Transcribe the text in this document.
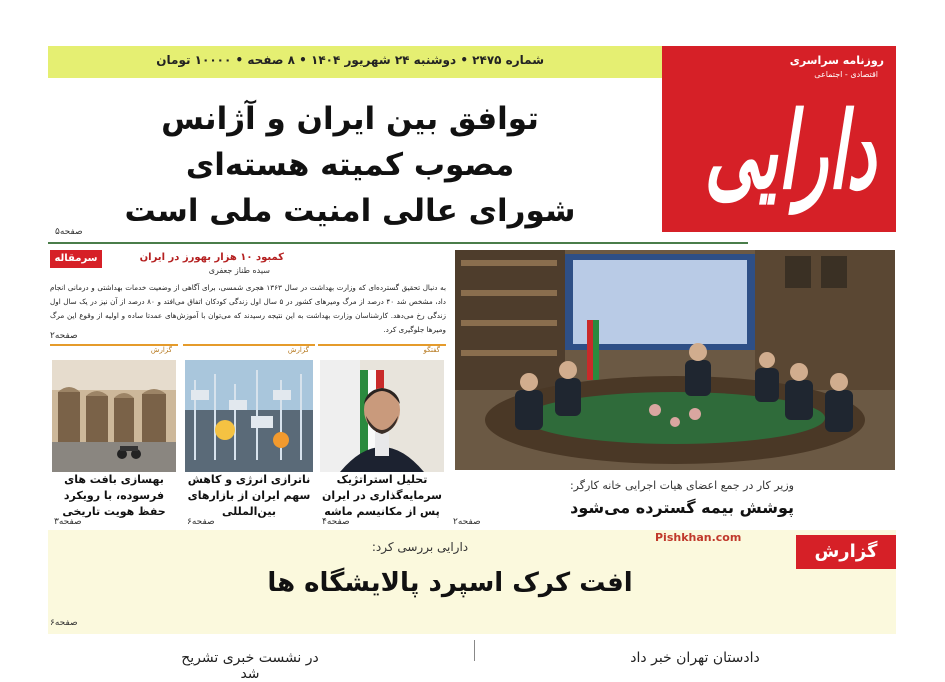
شماره ۲۴۷۵ • دوشنبه ۲۴ شهریور ۱۴۰۴ • ۸ صفحه • ۱۰۰۰۰ تومان	روزنامه سراسری
اقتصادی - اجتماعی
دارایی
توافق بین ایران و آژانس
مصوب کمیته هسته‌ای
شورای عالی امنیت ملی است
صفحه۵
سرمقاله	کمبود ۱۰ هزار بهورز در ایران
سیده طناز جعفری
به دنبال تحقیق گسترده‌ای که وزارت بهداشت در سال ۱۳۶۳ هجری شمسی، برای آگاهی از وضعیت خدمات بهداشتی و درمانی انجام داد، مشخص شد ۴۰ درصد از مرگ ومیرهای کشور در ۵ سال اول زندگی کودکان اتفاق می‌افتد و ۸۰ درصد از آن نیز در یک سال اول زندگی رخ می‌دهد. کارشناسان وزارت بهداشت به این نتیجه رسیدند که می‌توان با آموزش‌های عمدتا ساده و اولیه از وقوع این مرگ ومیرها جلوگیری کرد.
صفحه۲
گفتگو
تحلیل استراتژیک سرمایه‌گذاری در ایران پس از مکانیسم ماشه
صفحه۴
گزارش
ناترازی انرژی و کاهش سهم ایران از بازارهای بین‌المللی
صفحه۶
گزارش
بهسازی بافت های فرسوده، با رویکرد حفظ هویت تاریخی
صفحه۳
وزیر کار در جمع اعضای هیات اجرایی خانه کارگر:
پوشش بیمه گسترده می‌شود
صفحه۲
گزارش
دارایی بررسی کرد:
افت کرک اسپرد پالایشگاه ها
صفحه۶
Pishkhan.com
دادستان تهران خبر داد
در نشست خبری تشریح شد
